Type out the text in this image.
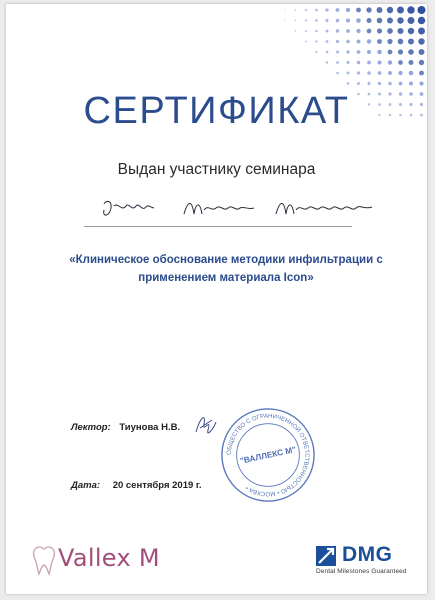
СЕРТИФИКАТ
Выдан участнику семинара
«Клиническое обоснование методики инфильтрации с применением материала Icon»
Лектор: Тиунова Н.В.
Дата: 20 сентября 2019 г.
ОБЩЕСТВО С ОГРАНИЧЕННОЙ ОТВЕТСТВЕННОСТЬЮ • МОСКВА •
"ВАЛЛЕКС М"
Vallex M	DMG
Dental Milestones Guaranteed
